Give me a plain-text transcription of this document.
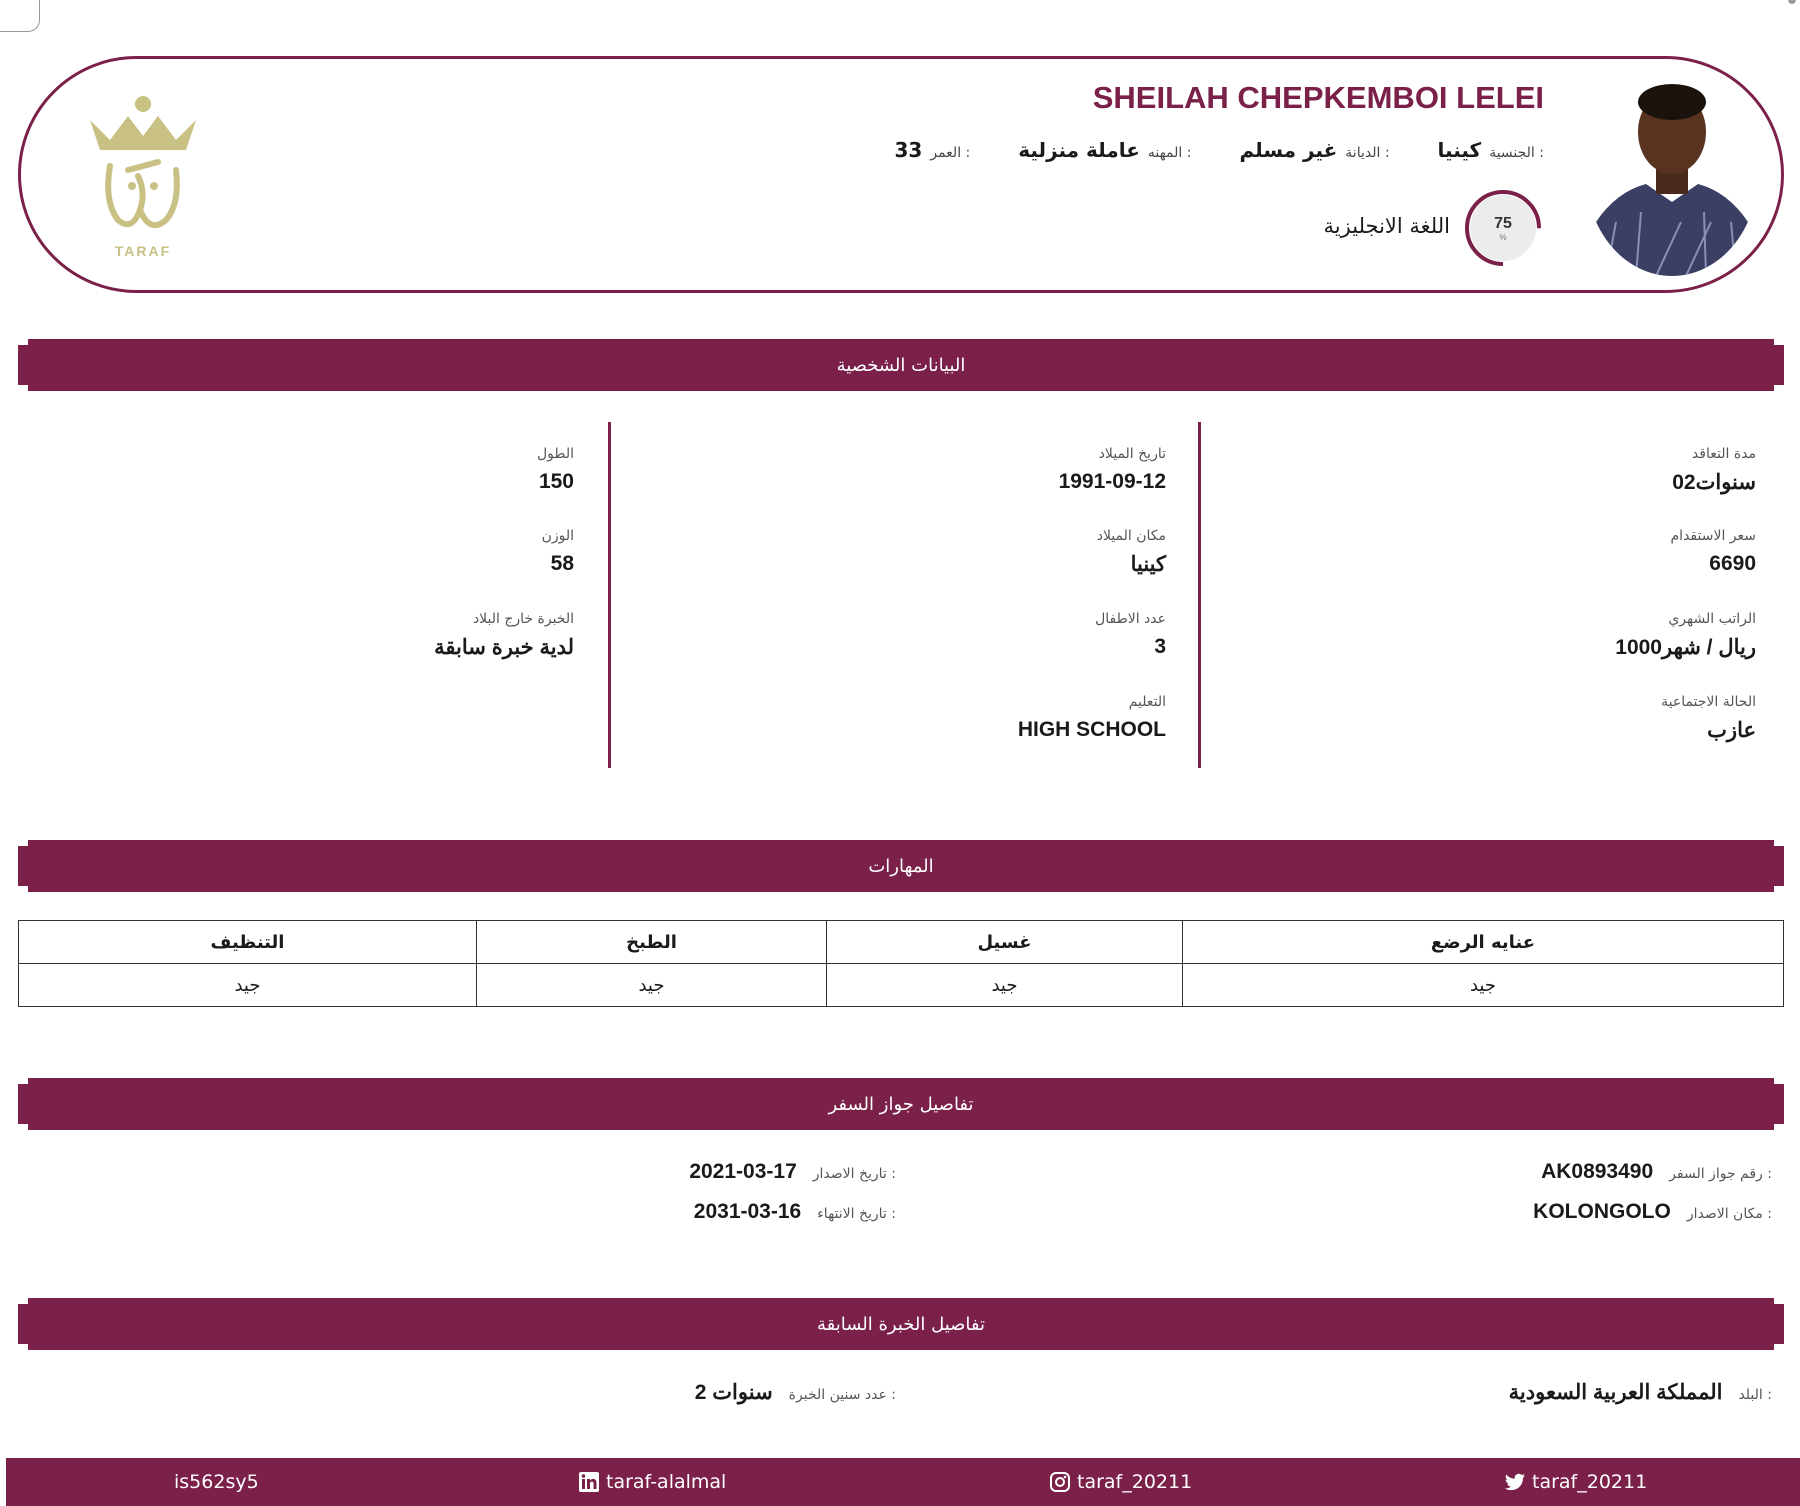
SHEILAH CHEPKEMBOI LELEI
الجنسية :
كينيا
الديانة :
غير مسلم
المهنه :
عاملة منزلية
العمر :
33
75
%
اللغة الانجليزية
TARAF
البيانات الشخصية
مدة التعاقد
02سنوات
سعر الاستقدام
6690
الراتب الشهري
1000ريال / شهر
الحالة الاجتماعية
عازب
تاريخ الميلاد
1991-09-12
مكان الميلاد
كينيا
عدد الاطفال
3
التعليم
HIGH SCHOOL
الطول
150
الوزن
58
الخبرة خارج البلاد
لدية خبرة سابقة
المهارات
التنظيف	الطبخ	غسيل	عنايه الرضع
جيد	جيد	جيد	جيد
تفاصيل جواز السفر
رقم جواز السفر :
AK0893490
مكان الاصدار :
KOLONGOLO
تاريخ الاصدار :
2021-03-17
تاريخ الانتهاء :
2031-03-16
تفاصيل الخبرة السابقة
البلد :
المملكة العربية السعودية
عدد سنين الخبرة :
2 سنوات
is562sy5	taraf-alalmal	taraf_20211	taraf_20211
